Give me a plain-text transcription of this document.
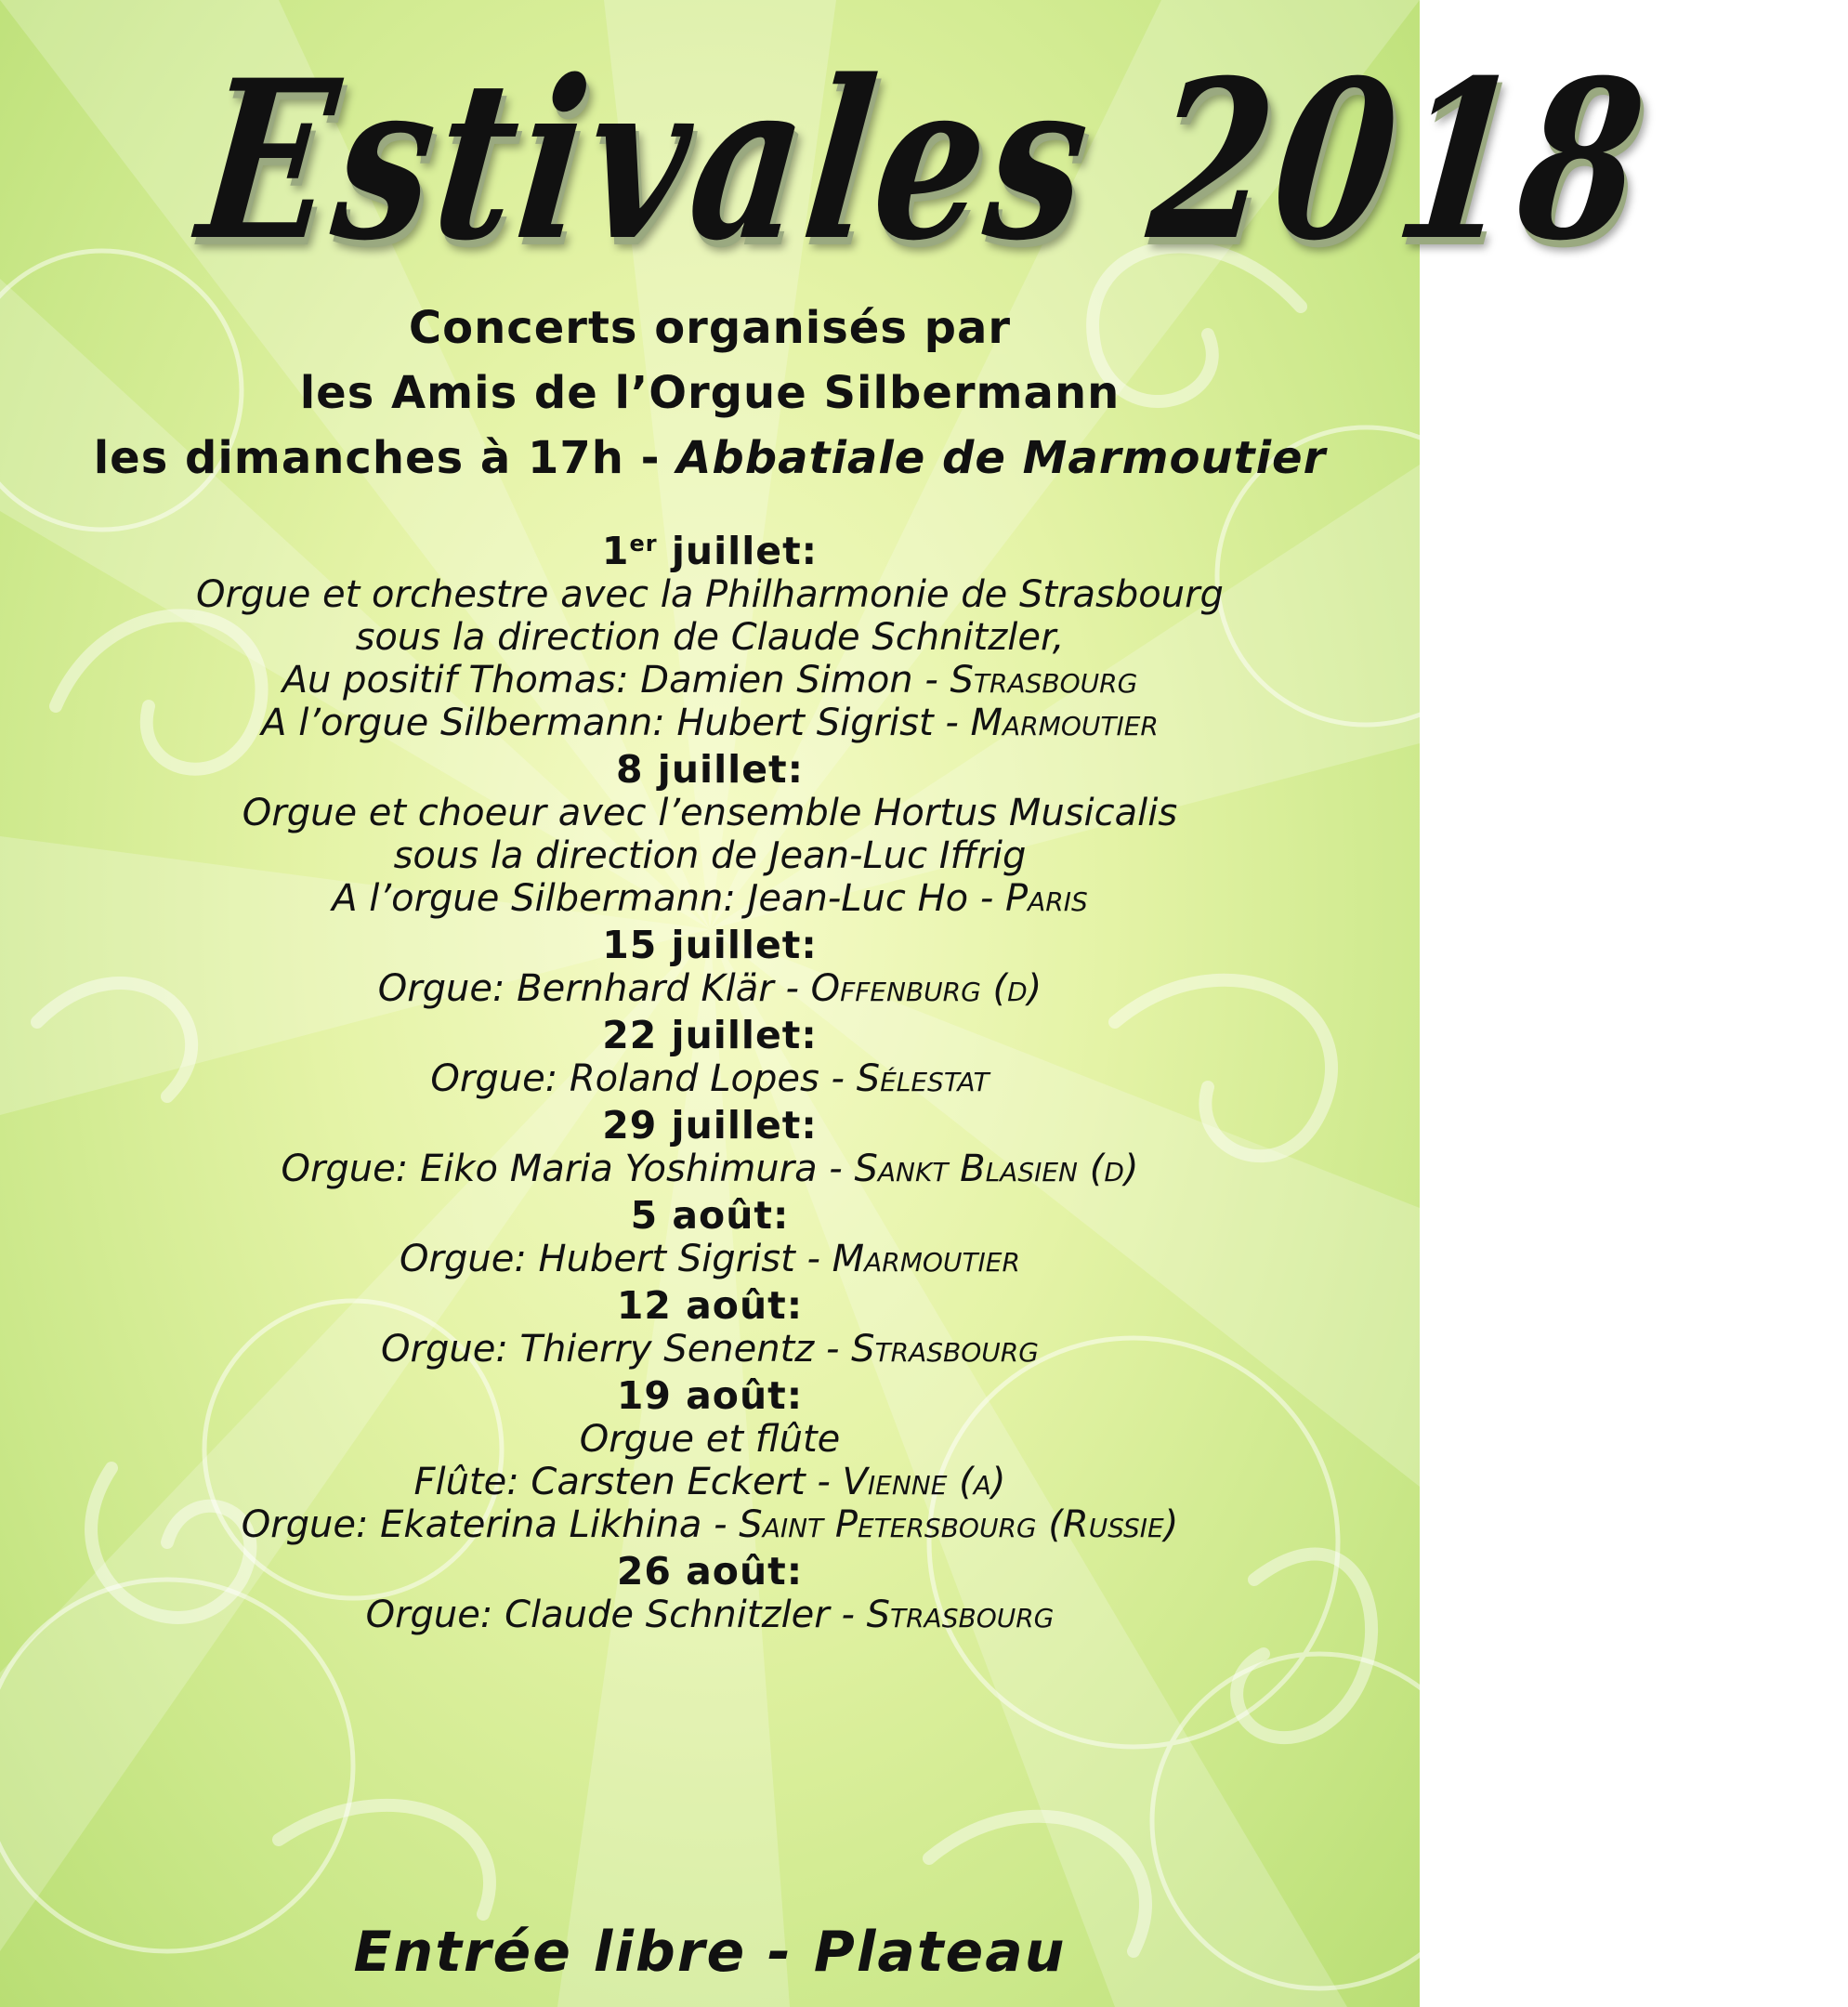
Estivales 2018
Concerts organisés par
les Amis de l’Orgue Silbermann
les dimanches à 17h - Abbatiale de Marmoutier
1er juillet:
Orgue et orchestre avec la Philharmonie de Strasbourg
sous la direction de Claude Schnitzler,
Au positif Thomas: Damien Simon - Strasbourg
A l’orgue Silbermann: Hubert Sigrist - Marmoutier
8 juillet:
Orgue et choeur avec l’ensemble Hortus Musicalis
sous la direction de Jean-Luc Iffrig
A l’orgue Silbermann: Jean-Luc Ho - Paris
15 juillet:
Orgue: Bernhard Klär - Offenburg (d)
22 juillet:
Orgue: Roland Lopes - Sélestat
29 juillet:
Orgue: Eiko Maria Yoshimura - Sankt Blasien (d)
5 août:
Orgue: Hubert Sigrist - Marmoutier
12 août:
Orgue: Thierry Senentz - Strasbourg
19 août:
Orgue et flûte
Flûte: Carsten Eckert - Vienne (a)
Orgue: Ekaterina Likhina - Saint Petersbourg (Russie)
26 août:
Orgue: Claude Schnitzler - Strasbourg
Entrée libre - Plateau
